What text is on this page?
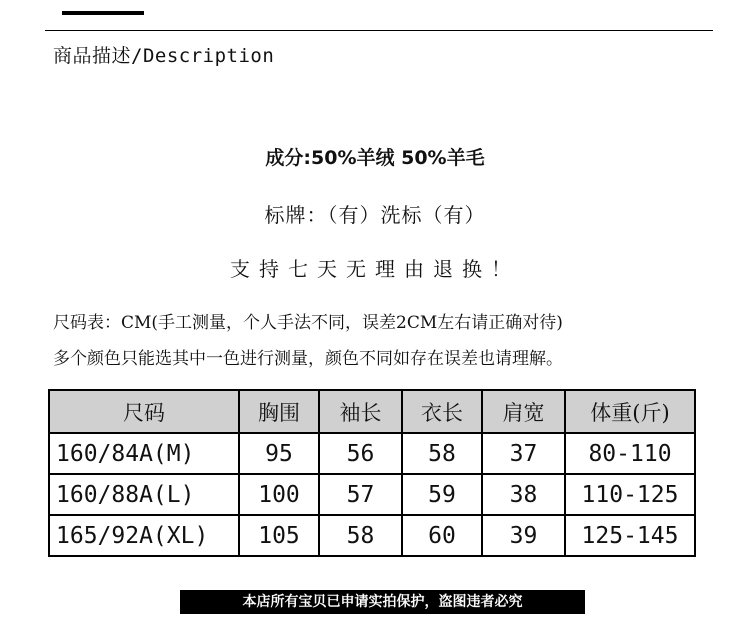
商品描述/Description
成分:50%羊绒 50%羊毛
标牌：（有）洗标（有）
支持七天无理由退换！
尺码表：CM(手工测量，个人手法不同，误差2CM左右请正确对待)
多个颜色只能选其中一色进行测量，颜色不同如存在误差也请理解。
尺码	胸围	袖长	衣长	肩宽	体重(斤)
160/84A(M)	95	56	58	37	80-110
160/88A(L)	100	57	59	38	110-125
165/92A(XL)	105	58	60	39	125-145
本店所有宝贝已申请实拍保护，盗图违者必究
